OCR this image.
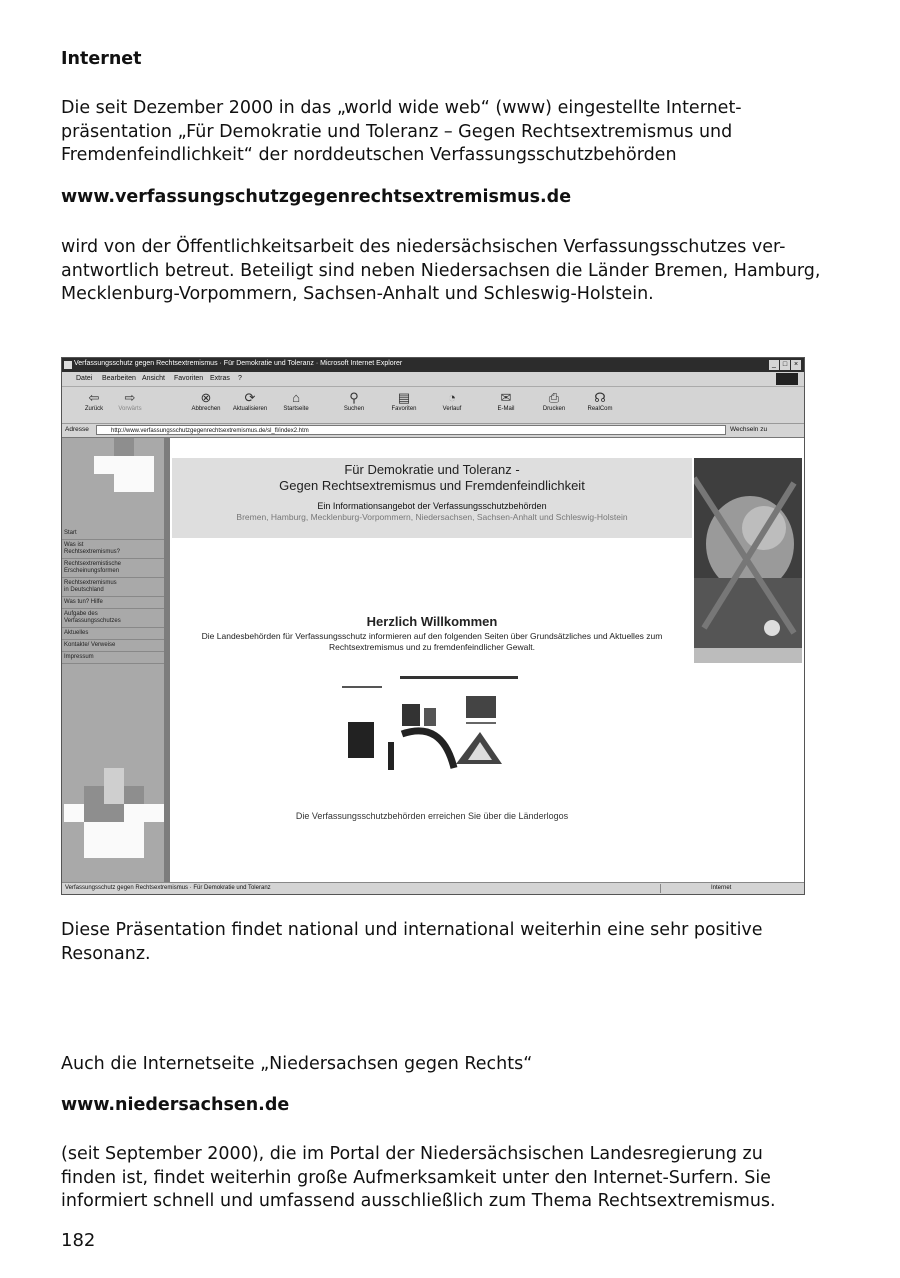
Internet
Die seit Dezember 2000 in das „world wide web“ (www) eingestellte Internet-präsentation „Für Demokratie und Toleranz – Gegen Rechtsextremismus und Fremdenfeindlichkeit“ der norddeutschen Verfassungsschutzbehörden
www.verfassungschutzgegenrechtsextremismus.de
wird von der Öffentlichkeitsarbeit des niedersächsischen Verfassungsschutzes ver-antwortlich betreut. Beteiligt sind neben Niedersachsen die Länder Bremen, Hamburg, Mecklenburg-Vorpommern, Sachsen-Anhalt und Schleswig-Holstein.
Verfassungsschutz gegen Rechtsextremismus · Für Demokratie und Toleranz · Microsoft Internet Explorer	_ □ ×
Datei Bearbeiten Ansicht Favoriten Extras ?
⇦
Zurück
⇨
Vorwärts
⊗
Abbrechen
⟳
Aktualisieren
⌂
Startseite
⚲
Suchen
▤
Favoriten
◔
Verlauf
✉
E-Mail
⎙
Drucken
☊
RealCom
Adresse	http://www.verfassungsschutzgegenrechtsextremismus.de/sl_fl/index2.htm	Wechseln zu
Start
Was ist
Rechtsextremismus?
Rechtsextremistische
Erscheinungsformen
Rechtsextremismus
in Deutschland
Was tun? Hilfe
Aufgabe des
Verfassungsschutzes
Aktuelles
Kontakte/ Verweise
Impressum
Für Demokratie und Toleranz -
Gegen Rechtsextremismus und Fremdenfeindlichkeit
Ein Informationsangebot der Verfassungsschutzbehörden
Bremen, Hamburg, Mecklenburg-Vorpommern, Niedersachsen, Sachsen-Anhalt und Schleswig-Holstein
Herzlich Willkommen
Die Landesbehörden für Verfassungsschutz informieren auf den folgenden Seiten über Grundsätzliches und Aktuelles zum Rechtsextremismus und zu fremdenfeindlicher Gewalt.
Die Verfassungsschutzbehörden erreichen Sie über die Länderlogos
Verfassungsschutz gegen Rechtsextremismus · Für Demokratie und Toleranz	Internet
Diese Präsentation findet national und international weiterhin eine sehr positive Resonanz.
Auch die Internetseite „Niedersachsen gegen Rechts“
www.niedersachsen.de
(seit September 2000), die im Portal der Niedersächsischen Landesregierung zu finden ist, findet weiterhin große Aufmerksamkeit unter den Internet-Surfern. Sie informiert schnell und umfassend ausschließlich zum Thema Rechtsextremismus.
182
